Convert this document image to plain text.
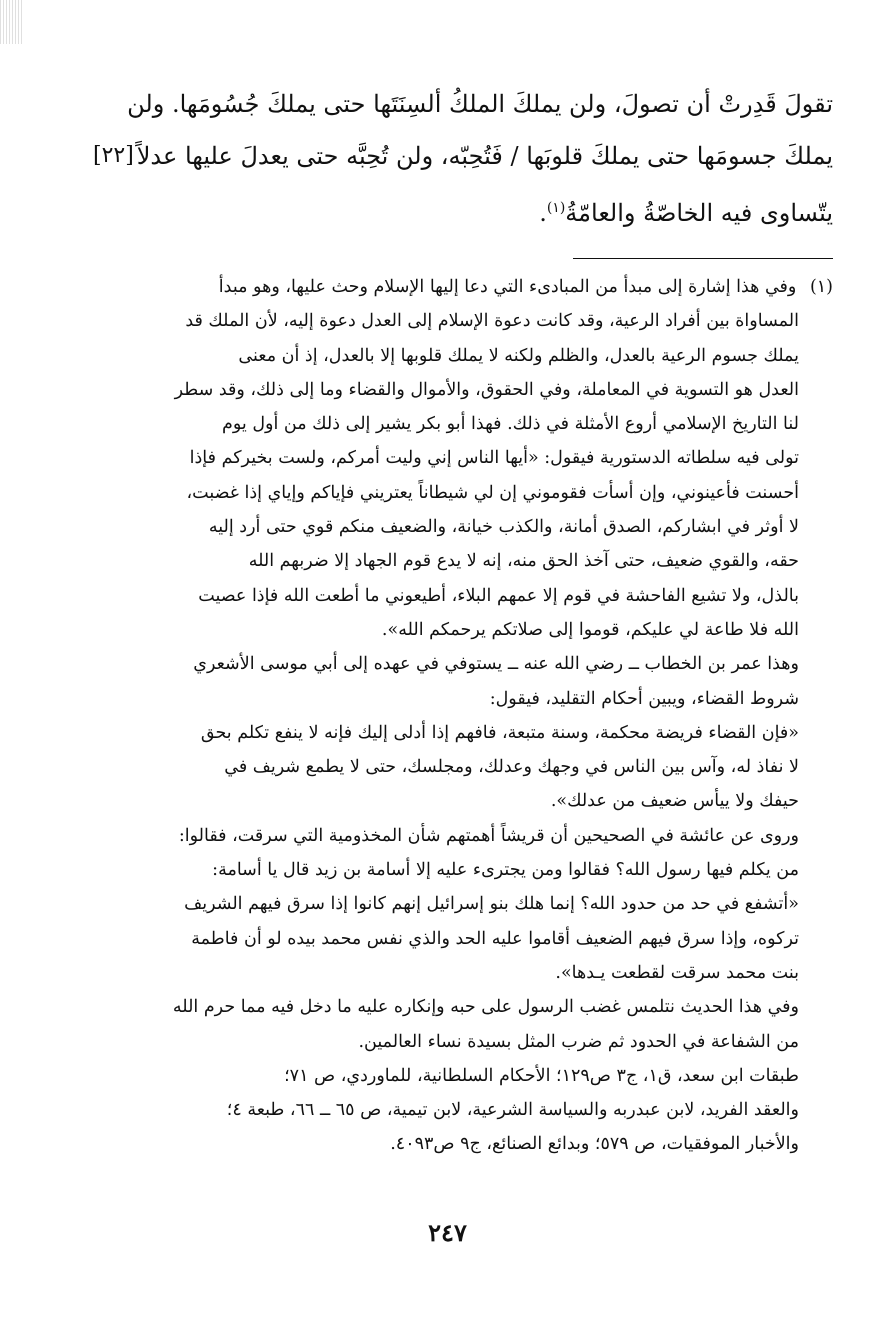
تقولَ قَدِرتْ أن تصولَ، ولن يملكَ الملكُ ألسِنَتَها حتى يملكَ جُسُومَها. ولن
يملكَ جسومَها حتى يملكَ قلوبَها / فَتُحِبّه، ولن تُحِبَّه حتى يعدلَ عليها عدلاً
[٢٢]
يتّساوى فيه الخاصّةُ والعامّةُ$^{(١)}$.
(١) وفي هذا إشارة إلى مبدأ من المبادىء التي دعا إليها الإسلام وحث عليها، وهو مبدأ
المساواة بين أفراد الرعية، وقد كانت دعوة الإسلام إلى العدل دعوة إليه، لأن الملك قد
يملك جسوم الرعية بالعدل، والظلم ولكنه لا يملك قلوبها إلا بالعدل، إذ أن معنى
العدل هو التسوية في المعاملة، وفي الحقوق، والأموال والقضاء وما إلى ذلك، وقد سطر
لنا التاريخ الإسلامي أروع الأمثلة في ذلك. فهذا أبو بكر يشير إلى ذلك من أول يوم
تولى فيه سلطاته الدستورية فيقول: «أيها الناس إني وليت أمركم، ولست بخيركم فإذا
أحسنت فأعينوني، وإن أسأت فقوموني إن لي شيطاناً يعتريني فإياكم وإياي إذا غضبت،
لا أوثر في ابشاركم، الصدق أمانة، والكذب خيانة، والضعيف منكم قوي حتى أرد إليه
حقه، والقوي ضعيف، حتى آخذ الحق منه، إنه لا يدع قوم الجهاد إلا ضربهم الله
بالذل، ولا تشيع الفاحشة في قوم إلا عمهم البلاء، أطيعوني ما أطعت الله فإذا عصيت
الله فلا طاعة لي عليكم، قوموا إلى صلاتكم يرحمكم الله».
وهذا عمر بن الخطاب ــ رضي الله عنه ــ يستوفي في عهده إلى أبي موسى الأشعري
شروط القضاء، ويبين أحكام التقليد، فيقول:
«فإن القضاء فريضة محكمة، وسنة متبعة، فافهم إذا أدلى إليك فإنه لا ينفع تكلم بحق
لا نفاذ له، وآس بين الناس في وجهك وعدلك، ومجلسك، حتى لا يطمع شريف في
حيفك ولا ييأس ضعيف من عدلك».
وروى عن عائشة في الصحيحين أن قريشاً أهمتهم شأن المخذومية التي سرقت، فقالوا:
من يكلم فيها رسول الله؟ فقالوا ومن يجترىء عليه إلا أسامة بن زيد قال يا أسامة:
«أتشفع في حد من حدود الله؟ إنما هلك بنو إسرائيل إنهم كانوا إذا سرق فيهم الشريف
تركوه، وإذا سرق فيهم الضعيف أقاموا عليه الحد والذي نفس محمد بيده لو أن فاطمة
بنت محمد سرقت لقطعت يـدها».
وفي هذا الحديث نتلمس غضب الرسول على حبه وإنكاره عليه ما دخل فيه مما حرم الله
من الشفاعة في الحدود ثم ضرب المثل بسيدة نساء العالمين.
طبقات ابن سعد، ق١، ج٣ ص١٢٩؛ الأحكام السلطانية، للماوردي، ص ٧١؛
والعقد الفريد، لابن عبدربه والسياسة الشرعية، لابن تيمية، ص ٦٥ ــ ٦٦، طبعة ٤؛
والأخبار الموفقيات، ص ٥٧٩؛ وبدائع الصنائع، ج٩ ص٤٠٩٣.
٢٤٧
